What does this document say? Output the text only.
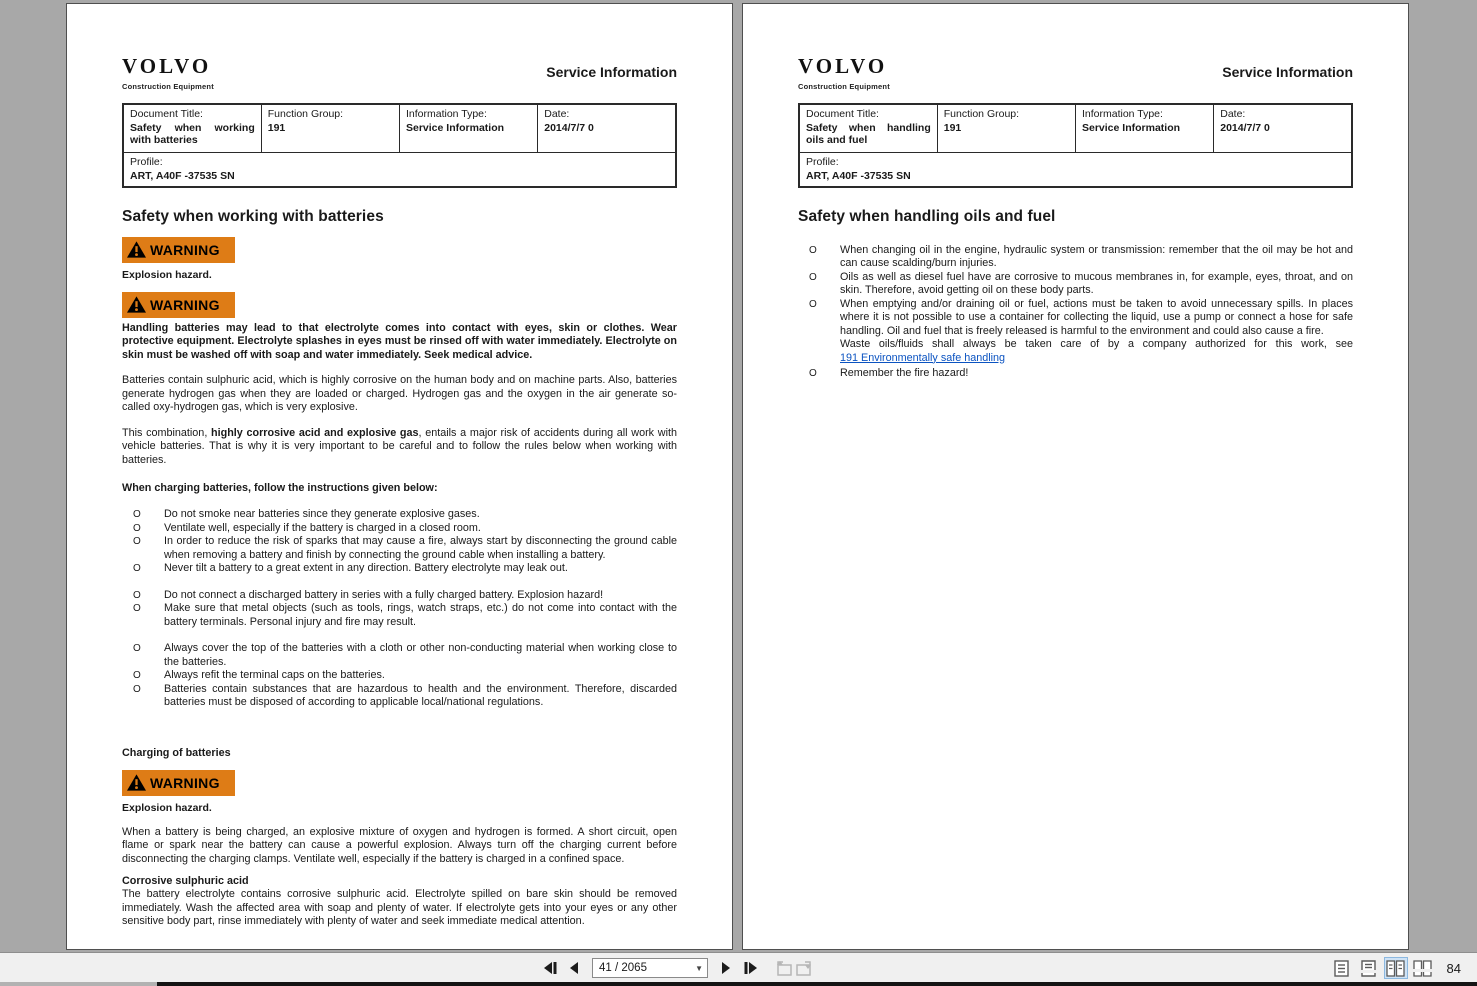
VOLVO
Construction Equipment
Service Information
Document Title:
Safety when working with batteries

Function Group:
191

Information Type:
Service Information

Date:
2014/7/7 0

Profile:
ART, A40F -37535 SN
Safety when working with batteries
WARNING
Explosion hazard.
WARNING

Handling batteries may lead to that electrolyte comes into contact with eyes, skin or clothes. Wear protective equipment. Electrolyte splashes in eyes must be rinsed off with water immediately. Electrolyte on skin must be washed off with soap and water immediately. Seek medical advice.

Batteries contain sulphuric acid, which is highly corrosive on the human body and on machine parts. Also, batteries generate hydrogen gas when they are loaded or charged. Hydrogen gas and the oxygen in the air generate so-called oxy-hydrogen gas, which is very explosive.

This combination, highly corrosive acid and explosive gas, entails a major risk of accidents during all work with vehicle batteries. That is why it is very important to be careful and to follow the rules below when working with batteries.

When charging batteries, follow the instructions given below:
O
Do not smoke near batteries since they generate explosive gases.
O
Ventilate well, especially if the battery is charged in a closed room.
O
In order to reduce the risk of sparks that may cause a fire, always start by disconnecting the ground cable when removing a battery and finish by connecting the ground cable when installing a battery.
O
Never tilt a battery to a great extent in any direction. Battery electrolyte may leak out.
O
Do not connect a discharged battery in series with a fully charged battery. Explosion hazard!
O
Make sure that metal objects (such as tools, rings, watch straps, etc.) do not come into contact with the battery terminals. Personal injury and fire may result.
O
Always cover the top of the batteries with a cloth or other non-conducting material when working close to the batteries.
O
Always refit the terminal caps on the batteries.
O
Batteries contain substances that are hazardous to health and the environment. Therefore, discarded batteries must be disposed of according to applicable local/national regulations.
Charging of batteries
WARNING
Explosion hazard.

When a battery is being charged, an explosive mixture of oxygen and hydrogen is formed. A short circuit, open flame or spark near the battery can cause a powerful explosion. Always turn off the charging current before disconnecting the charging clamps. Ventilate well, especially if the battery is charged in a confined space.

Corrosive sulphuric acid

The battery electrolyte contains corrosive sulphuric acid. Electrolyte spilled on bare skin should be removed immediately. Wash the affected area with soap and plenty of water. If electrolyte gets into your eyes or any other sensitive body part, rinse immediately with plenty of water and seek immediate medical attention.

VOLVO
Construction Equipment
Service Information
Document Title:
Safety when handling oils and fuel

Function Group:
191

Information Type:
Service Information

Date:
2014/7/7 0

Profile:
ART, A40F -37535 SN
Safety when handling oils and fuel
O
When changing oil in the engine, hydraulic system or transmission: remember that the oil may be hot and can cause scalding/burn injuries.
O
Oils as well as diesel fuel have are corrosive to mucous membranes in, for example, eyes, throat, and on skin. Therefore, avoid getting oil on these body parts.
O
When emptying and/or draining oil or fuel, actions must be taken to avoid unnecessary spills. In places where it is not possible to use a container for collecting the liquid, use a pump or connect a hose for safe handling. Oil and fuel that is freely released is harmful to the environment and could also cause a fire.
Waste oils/fluids shall always be taken care of by a company authorized for this work, see
191 Environmentally safe handling
O
Remember the fire hazard!
41 / 2065	▼	84
